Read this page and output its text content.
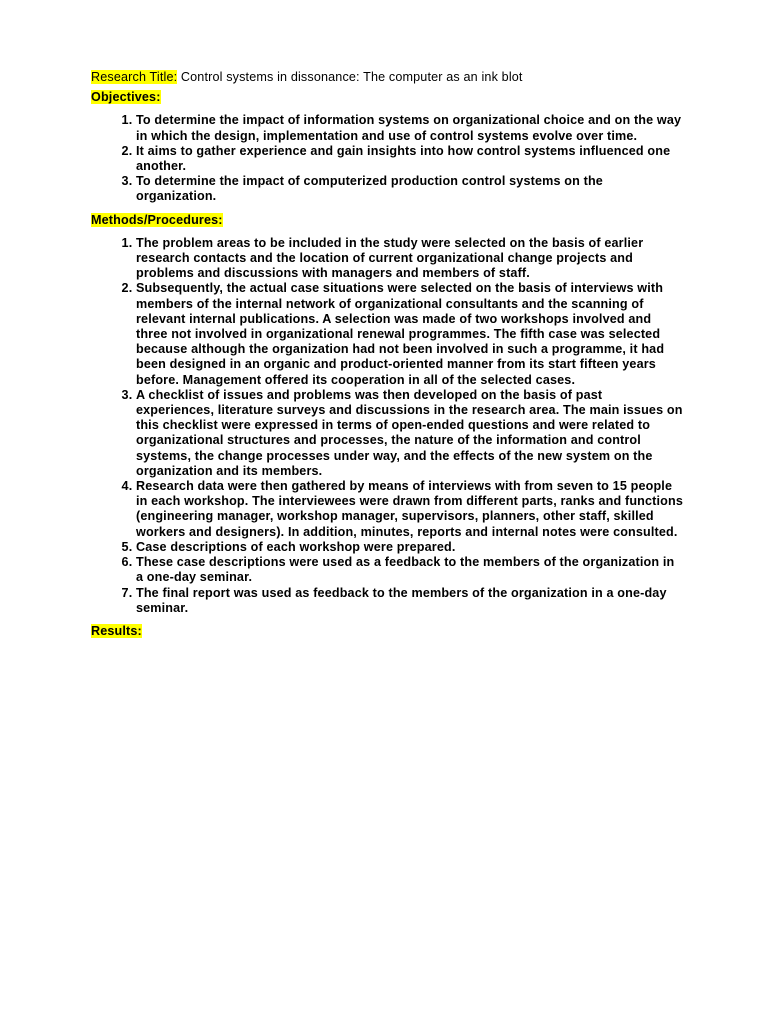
Research Title: Control systems in dissonance: The computer as an ink blot
Objectives:
1. To determine the impact of information systems on organizational choice and on the way in which the design, implementation and use of control systems evolve over time.
2. It aims to gather experience and gain insights into how control systems influenced one another.
3. To determine the impact of computerized production control systems on the organization.
Methods/Procedures:
1. The problem areas to be included in the study were selected on the basis of earlier research contacts and the location of current organizational change projects and problems and discussions with managers and members of staff.
2. Subsequently, the actual case situations were selected on the basis of interviews with members of the internal network of organizational consultants and the scanning of relevant internal publications. A selection was made of two workshops involved and three not involved in organizational renewal programmes. The fifth case was selected because although the organization had not been involved in such a programme, it had been designed in an organic and product-oriented manner from its start fifteen years before. Management offered its cooperation in all of the selected cases.
3. A checklist of issues and problems was then developed on the basis of past experiences, literature surveys and discussions in the research area. The main issues on this checklist were expressed in terms of open-ended questions and were related to organizational structures and processes, the nature of the information and control systems, the change processes under way, and the effects of the new system on the organization and its members.
4. Research data were then gathered by means of interviews with from seven to 15 people in each workshop. The interviewees were drawn from different parts, ranks and functions (engineering manager, workshop manager, supervisors, planners, other staff, skilled workers and designers). In addition, minutes, reports and internal notes were consulted.
5. Case descriptions of each workshop were prepared.
6. These case descriptions were used as a feedback to the members of the organization in a one-day seminar.
7. The final report was used as feedback to the members of the organization in a one-day seminar.
Results:
